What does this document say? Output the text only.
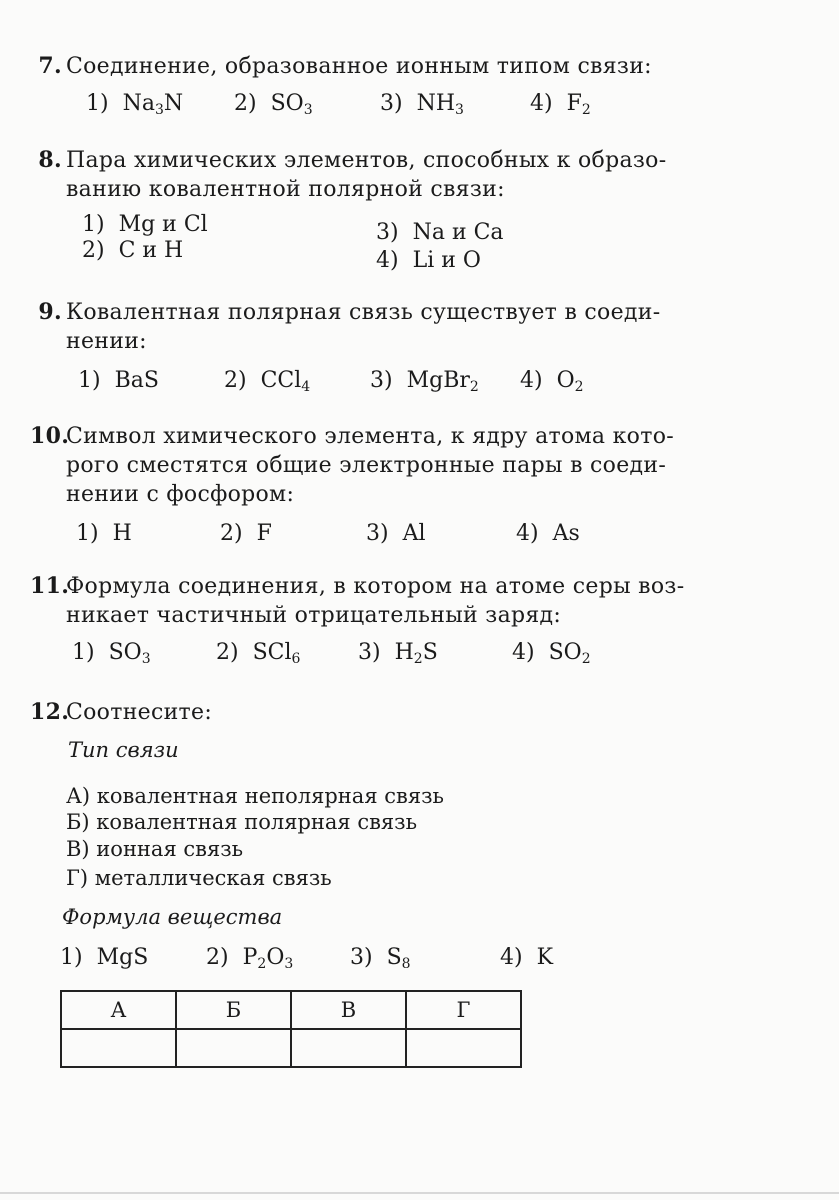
7. Соединение, образованное ионным типом связи:
1)  $Na_3N$ 2)  $SO_3$	3)  $NH_3$	4)  $F_2$
8. Пара химических элементов, способных к образо-
ванию ковалентной полярной связи:
1)  Mg и Cl
2)  C и H
3)  Na и Ca
4)  Li и O
9. Ковалентная полярная связь существует в соеди-
нении:
1)  BaS	2)  CCl$_4$	3)  MgBr$_2$ 4)  $O_2$
10.
Символ химического элемента, к ядру атома кото-
рого сместятся общие электронные пары в соеди-
нении с фосфором:
1)  H	2)  F	3)  Al	4)  As
11.
Формула соединения, в котором на атоме серы воз-
никает частичный отрицательный заряд:
1)  $SO_3$	2)  SCl$_6$	3)  $H_2S$	4)  $SO_2$
12.
Соотнесите:
Тип связи
А) ковалентная неполярная связь
Б) ковалентная полярная связь
В) ионная связь
Г) металлическая связь
Формула вещества
1)  MgS	2)  $P_2O_3$	3)  $S_8$	4)  K
А	Б	В	Г
